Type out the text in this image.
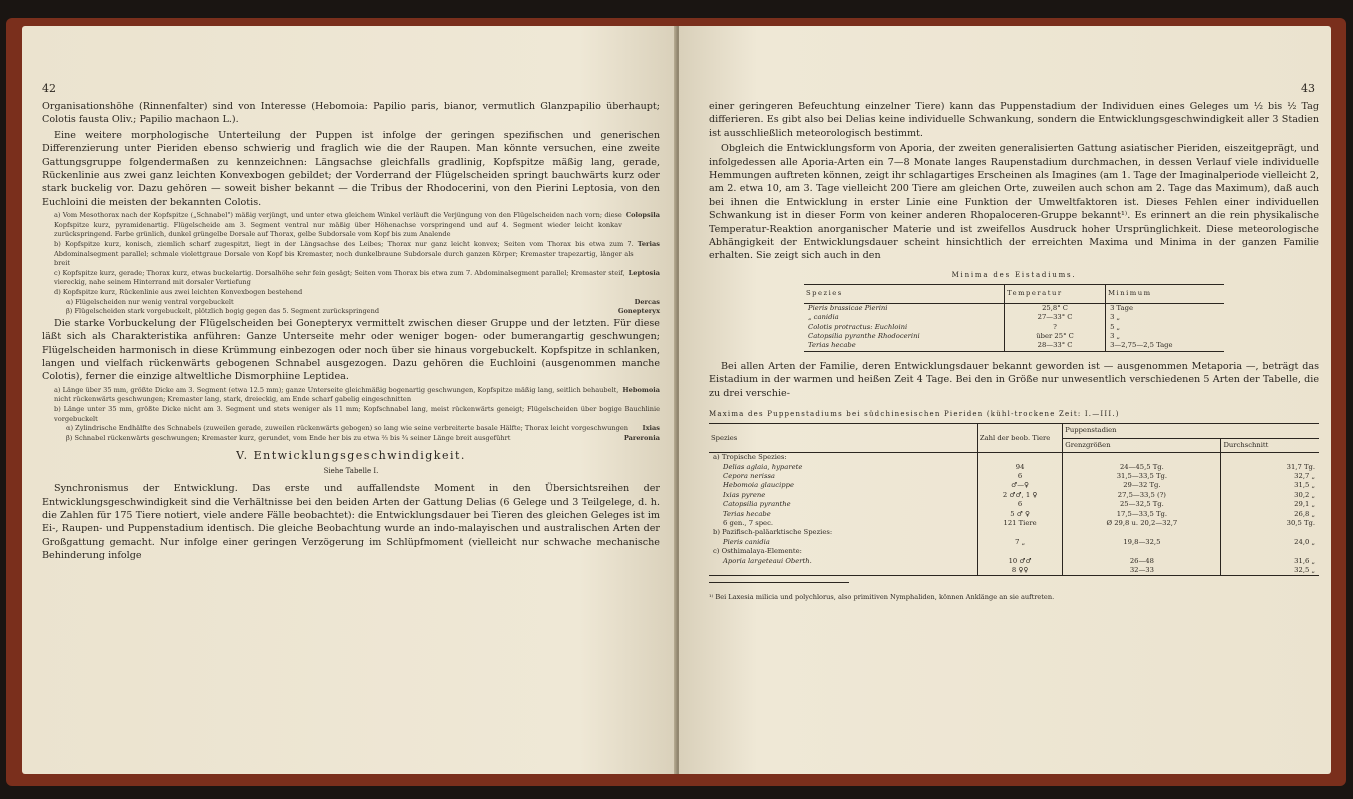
42

Organisationshöhe (Rinnenfalter) sind von Interesse (Hebomoia: Papilio paris, bianor, vermutlich Glanzpapilio überhaupt; Colotis fausta Oliv.; Papilio machaon L.).

Eine weitere morphologische Unterteilung der Puppen ist infolge der geringen spezifischen und generischen Differenzierung unter Pieriden ebenso schwierig und fraglich wie die der Raupen. Man könnte versuchen, eine zweite Gattungsgruppe folgendermaßen zu kennzeichnen: Längsachse gleichfalls gradlinig, Kopfspitze mäßig lang, gerade, Rückenlinie aus zwei ganz leichten Konvexbogen gebildet; der Vorderrand der Flügelscheiden springt bauchwärts kurz oder stark buckelig vor. Dazu gehören — soweit bisher bekannt — die Tribus der Rhodocerini, von den Pierini Leptosia, von den Euchloini die meisten der bekannten Colotis.

a) Vom Mesothorax nach der Kopfspitze („Schnabel") mäßig verjüngt, und unter etwa gleichem Winkel verläuft die Verjüngung von den Flügelscheiden nach vorn; diese Kopfspitze kurz, pyramidenartig. Flügelscheide am 3. Segment ventral nur mäßig über Höhenachse vorspringend und auf 4. Segment wieder leicht konkav zurückspringend. Farbe grünlich, dunkel grüngelbe Dorsale auf Thorax, gelbe Subdorsale vom Kopf bis zum Analende
Colopsila
b) Kopfspitze kurz, konisch, ziemlich scharf zugespitzt, liegt in der Längsachse des Leibes; Thorax nur ganz leicht konvex; Seiten vom Thorax bis etwa zum 7. Abdominalsegment parallel; schmale violettgraue Dorsale von Kopf bis Kremaster, noch dunkelbraune Subdorsale durch ganzen Körper; Kremaster trapezartig, länger als breit
Terias
c) Kopfspitze kurz, gerade; Thorax kurz, etwas buckelartig. Dorsalhöhe sehr fein gesägt; Seiten vom Thorax bis etwa zum 7. Abdominalsegment parallel; Kremaster steif, viereckig, nahe seinem Hinterrand mit dorsaler Vertiefung
Leptosia
d) Kopfspitze kurz, Rückenlinie aus zwei leichten Konvexbogen bestehend
α) Flügelscheiden nur wenig ventral vorgebuckelt	Dercas
β) Flügelscheiden stark vorgebuckelt, plötzlich bogig gegen das 5. Segment zurückspringend	Gonepteryx

Die starke Vorbuckelung der Flügelscheiden bei Gonepteryx vermittelt zwischen dieser Gruppe und der letzten. Für diese läßt sich als Charakteristika anführen: Ganze Unterseite mehr oder weniger bogen- oder bumerangartig geschwungen; Flügelscheiden harmonisch in diese Krümmung einbezogen oder noch über sie hinaus vorgebuckelt. Kopfspitze in schlanken, langen und vielfach rückenwärts gebogenen Schnabel ausgezogen. Dazu gehören die Euchloini (ausgenommen manche Colotis), ferner die einzige altweltliche Dismorphiine Leptidea.

a) Länge über 35 mm, größte Dicke am 3. Segment (etwa 12.5 mm); ganze Unterseite gleichmäßig bogenartig geschwungen, Kopfspitze mäßig lang, seitlich behaubelt, nicht rückenwärts geschwungen; Kremaster lang, stark, dreieckig, am Ende scharf gabelig eingeschnitten
Hebomoia
b) Länge unter 35 mm, größte Dicke nicht am 3. Segment und stets weniger als 11 mm; Kopfschnabel lang, meist rückenwärts geneigt; Flügelscheiden über bogige Bauchlinie vorgebuckelt
α) Zylindrische Endhälfte des Schnabels (zuweilen gerade, zuweilen rückenwärts gebogen) so lang wie seine verbreiterte basale Hälfte; Thorax leicht vorgeschwungen	Ixias
β) Schnabel rückenwärts geschwungen; Kremaster kurz, gerundet, vom Ende her bis zu etwa ⅔ bis ¾ seiner Länge breit ausgeführt	Pareronia

V. Entwicklungsgeschwindigkeit.

Siehe Tabelle I.

Synchronismus der Entwicklung. Das erste und auffallendste Moment in den Übersichtsreihen der Entwicklungsgeschwindigkeit sind die Verhältnisse bei den beiden Arten der Gattung Delias (6 Gelege und 3 Teilgelege, d. h. die Zahlen für 175 Tiere notiert, viele andere Fälle beobachtet): die Entwicklungsdauer bei Tieren des gleichen Geleges ist im Ei-, Raupen- und Puppenstadium identisch. Die gleiche Beobachtung wurde an indo-malayischen und australischen Arten der Großgattung gemacht. Nur infolge einer geringen Verzögerung im Schlüpfmoment (vielleicht nur schwache mechanische Behinderung infolge

43

einer geringeren Befeuchtung einzelner Tiere) kann das Puppenstadium der Individuen eines Geleges um ½ bis ½ Tag differieren. Es gibt also bei Delias keine individuelle Schwankung, sondern die Entwicklungsgeschwindigkeit aller 3 Stadien ist ausschließlich meteorologisch bestimmt.

Obgleich die Entwicklungsform von Aporia, der zweiten generalisierten Gattung asiatischer Pieriden, eiszeitgeprägt, und infolgedessen alle Aporia-Arten ein 7—8 Monate langes Raupenstadium durchmachen, in dessen Verlauf viele individuelle Hemmungen auftreten können, zeigt ihr schlagartiges Erscheinen als Imagines (am 1. Tage der Imaginalperiode vielleicht 2, am 2. etwa 10, am 3. Tage vielleicht 200 Tiere am gleichen Orte, zuweilen auch schon am 2. Tage das Maximum), daß auch bei ihnen die Entwicklung in erster Linie eine Funktion der Umweltfaktoren ist. Dieses Fehlen einer individuellen Schwankung ist in dieser Form von keiner anderen Rhopaloceren-Gruppe bekannt¹⁾. Es erinnert an die rein physikalische Temperatur-Reaktion anorganischer Materie und ist zweifellos Ausdruck hoher Ursprünglichkeit. Diese meteorologische Abhängigkeit der Entwicklungsdauer scheint hinsichtlich der erreichten Maxima und Minima in der ganzen Familie erhalten. Sie zeigt sich auch in den

Minima des Eistadiums.
Spezies	Temperatur	Minimum
Pieris brassicae Pierini	25,8° C	3 Tage
„ canidia	27—33° C	3 „
Colotis protractus: Euchloini	?	5 „
Catopsilia pyranthe Rhodocerini	über 25° C	3 „
Terias hecabe	28—33° C	3—2,75—2,5 Tage

Bei allen Arten der Familie, deren Entwicklungsdauer bekannt geworden ist — ausgenommen Metaporia —, beträgt das Eistadium in der warmen und heißen Zeit 4 Tage. Bei den in Größe nur unwesentlich verschiedenen 5 Arten der Tabelle, die zu drei verschie-

Maxima des Puppenstadiums bei südchinesischen Pieriden (kühl-trockene Zeit: I.—III.)
Spezies	Zahl der beob. Tiere	Puppenstadien	
		Grenzgrößen	Durchschnitt
a) Tropische Spezies:			
Delias aglaia, hyparete	94	24—45,5 Tg.	31,7 Tg.
Cepora nerissa	6	31,5—33,5 Tg.	32,7 „
Hebomoia glaucippe	♂—♀	29—32 Tg.	31,5 „
Ixias pyrene	2 ♂♂, 1 ♀	27,5—33,5 (?)	30,2 „
Catopsilia pyranthe	6	25—32,5 Tg.	29,1 „
Terias hecabe	5 ♂ ♀	17,5—33,5 Tg.	26,8 „
6 gen., 7 spec.	121 Tiere	Ø 29,8 u. 20,2—32,7	30,5 Tg.
b) Pazifisch-paläarktische Spezies:			
Pieris canidia	7 „	19,8—32,5	24,0 „
c) Osthimalaya-Elemente:			
Aporia largeteaui Oberth.	10 ♂♂	26—48	31,6 „
	8 ♀♀	32—33	32,5 „
¹⁾ Bei Laxesia milicia und polychlorus, also primitiven Nymphaliden, können Anklänge an sie auftreten.
